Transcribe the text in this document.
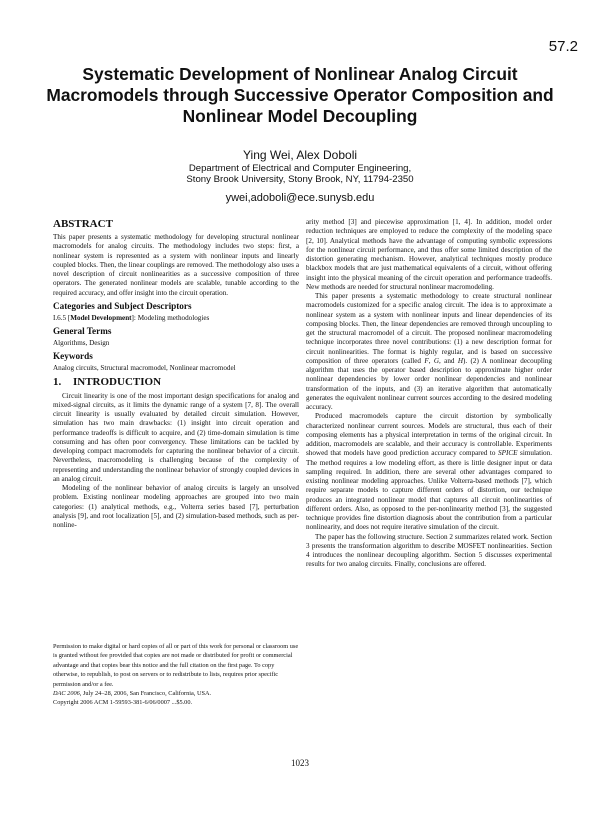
57.2
Systematic Development of Nonlinear Analog Circuit Macromodels through Successive Operator Composition and Nonlinear Model Decoupling
Ying Wei, Alex Doboli
Department of Electrical and Computer Engineering,
Stony Brook University, Stony Brook, NY, 11794-2350
ywei,adoboli@ece.sunysb.edu
ABSTRACT

This paper presents a systematic methodology for developing structural nonlinear macromodels for analog circuits. The methodology includes two steps: first, a nonlinear system is represented as a system with nonlinear inputs and linearly coupled blocks. Then, the linear couplings are removed. The methodology also uses a novel description of circuit nonlinearities as a successive composition of three operators. The generated nonlinear models are scalable, tunable according to the required accuracy, and offer insight into the circuit operation.

Categories and Subject Descriptors

I.6.5 [Model Development]: Modeling methodologies

General Terms

Algorithms, Design

Keywords

Analog circuits, Structural macromodel, Nonlinear macromodel

1. INTRODUCTION

Circuit linearity is one of the most important design specifications for analog and mixed-signal circuits, as it limits the dynamic range of a system [7, 8]. The overall circuit linearity is usually evaluated by detailed circuit simulation. However, simulation has two main drawbacks: (1) insight into circuit operation and performance tradeoffs is difficult to acquire, and (2) time-domain simulation is time consuming and has often poor convergency. These limitations can be tackled by developing compact macromodels for capturing the nonlinear behavior of a circuit. Nevertheless, macromodeling is challenging because of the complexity of representing and understanding the nonlinear behavior of strongly coupled devices in an analog circuit.

Modeling of the nonlinear behavior of analog circuits is largely an unsolved problem. Existing nonlinear modeling approaches are grouped into two main categories: (1) analytical methods, e.g., Volterra series based [7], perturbation analysis [9], and root localization [5], and (2) simulation-based methods, such as per-nonline-

Permission to make digital or hard copies of all or part of this work for personal or classroom use is granted without fee provided that copies are not made or distributed for profit or commercial advantage and that copies bear this notice and the full citation on the first page. To copy otherwise, to republish, to post on servers or to redistribute to lists, requires prior specific permission and/or a fee.

DAC 2006, July 24–28, 2006, San Francisco, California, USA.

Copyright 2006 ACM 1-59593-381-6/06/0007 ...$5.00.

arity method [3] and piecewise approximation [1, 4]. In addition, model order reduction techniques are employed to reduce the complexity of the modeling space [2, 10]. Analytical methods have the advantage of computing symbolic expressions for the nonlinear circuit performance, and thus offer some limited description of the distortion generating mechanism. However, analytical techniques mostly produce blackbox models that are just mathematical equivalents of a circuit, without offering insight into the physical meaning of the circuit operation and performance tradeoffs. New methods are needed for structural nonlinear macromodeling.

This paper presents a systematic methodology to create structural nonlinear macromodels customized for a specific analog circuit. The idea is to approximate a nonlinear system as a system with nonlinear inputs and linear dependencies of its composing blocks. Then, the linear dependencies are removed through uncoupling to get the structural macromodel of a circuit. The proposed nonlinear macromodeling technique incorporates three novel contributions: (1) a new description format for circuit nonlinearities. The format is highly regular, and is based on successive composition of three operators (called F, G, and H). (2) A nonlinear decoupling algorithm that uses the operator based description to approximate higher order nonlinear dependencies by lower order nonlinear dependencies and nonlinear transformation of the inputs, and (3) an iterative algorithm that automatically generates the equivalent nonlinear current sources according to the desired modeling accuracy.

Produced macromodels capture the circuit distortion by symbolically characterized nonlinear current sources. Models are structural, thus each of their composing elements has a physical interpretation in terms of the original circuit. In addition, macromodels are scalable, and their accuracy is controllable. Experiments showed that models have good prediction accuracy compared to SPICE simulation. The method requires a low modeling effort, as there is little designer input or data sampling required. In addition, there are several other advantages compared to existing nonlinear modeling approaches. Unlike Volterra-based methods [7], which require separate models to capture different orders of distortion, our technique produces an integrated nonlinear model that captures all circuit nonlinearities of different orders. Also, as opposed to the per-nonlinearity method [3], the suggested technique provides fine distortion diagnosis about the contribution from a particular nonlinearity, and does not require iterative simulation of the circuit.

The paper has the following structure. Section 2 summarizes related work. Section 3 presents the transformation algorithm to describe MOSFET nonlinearities. Section 4 introduces the nonlinear decoupling algorithm. Section 5 discusses experimental results for two analog circuits. Finally, conclusions are offered.

1023
